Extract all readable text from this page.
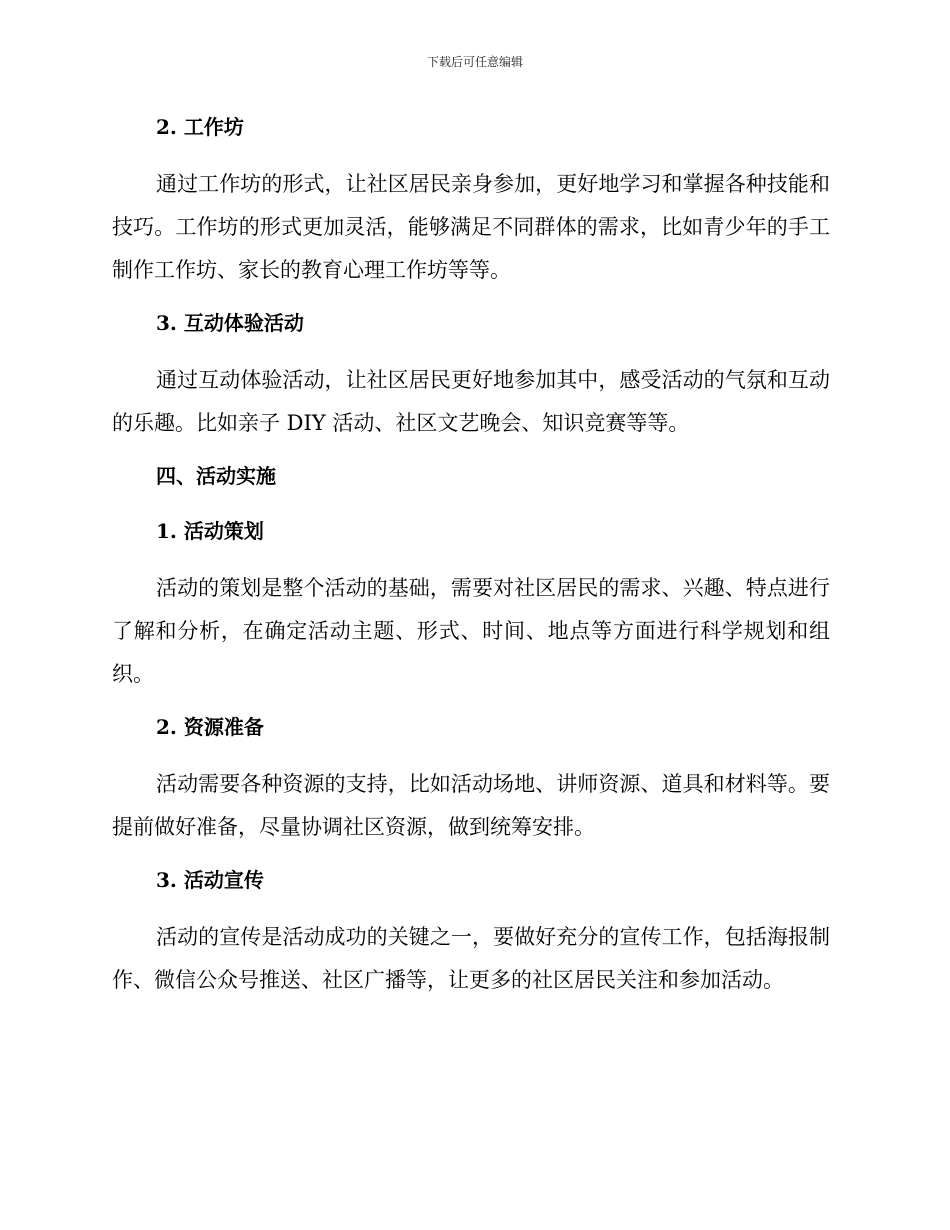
下载后可任意编辑
2. 工作坊

通过工作坊的形式，让社区居民亲身参加，更好地学习和掌握各种技能和技巧。工作坊的形式更加灵活，能够满足不同群体的需求，比如青少年的手工制作工作坊、家长的教育心理工作坊等等。

3. 互动体验活动

通过互动体验活动，让社区居民更好地参加其中，感受活动的气氛和互动的乐趣。比如亲子 DIY 活动、社区文艺晚会、知识竞赛等等。

四、活动实施
1. 活动策划

活动的策划是整个活动的基础，需要对社区居民的需求、兴趣、特点进行了解和分析，在确定活动主题、形式、时间、地点等方面进行科学规划和组织。

2. 资源准备

活动需要各种资源的支持，比如活动场地、讲师资源、道具和材料等。要提前做好准备，尽量协调社区资源，做到统筹安排。

3. 活动宣传

活动的宣传是活动成功的关键之一，要做好充分的宣传工作，包括海报制作、微信公众号推送、社区广播等，让更多的社区居民关注和参加活动。
